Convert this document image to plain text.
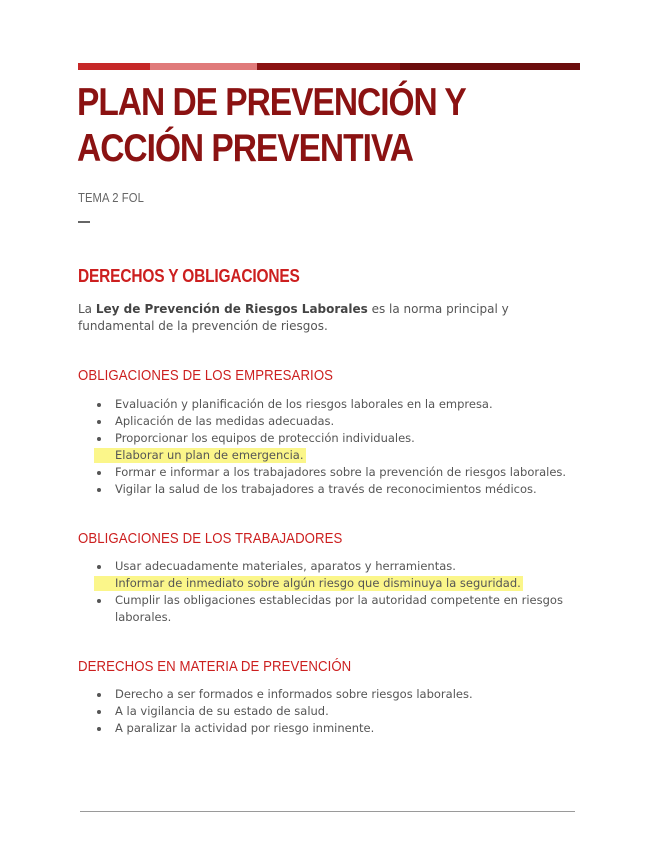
PLAN DE PREVENCIÓN Y
ACCIÓN PREVENTIVA
TEMA 2 FOL
DERECHOS Y OBLIGACIONES

La Ley de Prevención de Riesgos Laborales es la norma principal y fundamental de la prevención de riesgos.

OBLIGACIONES DE LOS EMPRESARIOS
Evaluación y planificación de los riesgos laborales en la empresa.
Aplicación de las medidas adecuadas.
Proporcionar los equipos de protección individuales.
Elaborar un plan de emergencia.
Formar e informar a los trabajadores sobre la prevención de riesgos laborales.
Vigilar la salud de los trabajadores a través de reconocimientos médicos.
OBLIGACIONES DE LOS TRABAJADORES
Usar adecuadamente materiales, aparatos y herramientas.
Informar de inmediato sobre algún riesgo que disminuya la seguridad.
Cumplir las obligaciones establecidas por la autoridad competente en riesgos laborales.
DERECHOS EN MATERIA DE PREVENCIÓN
Derecho a ser formados e informados sobre riesgos laborales.
A la vigilancia de su estado de salud.
A paralizar la actividad por riesgo inminente.
